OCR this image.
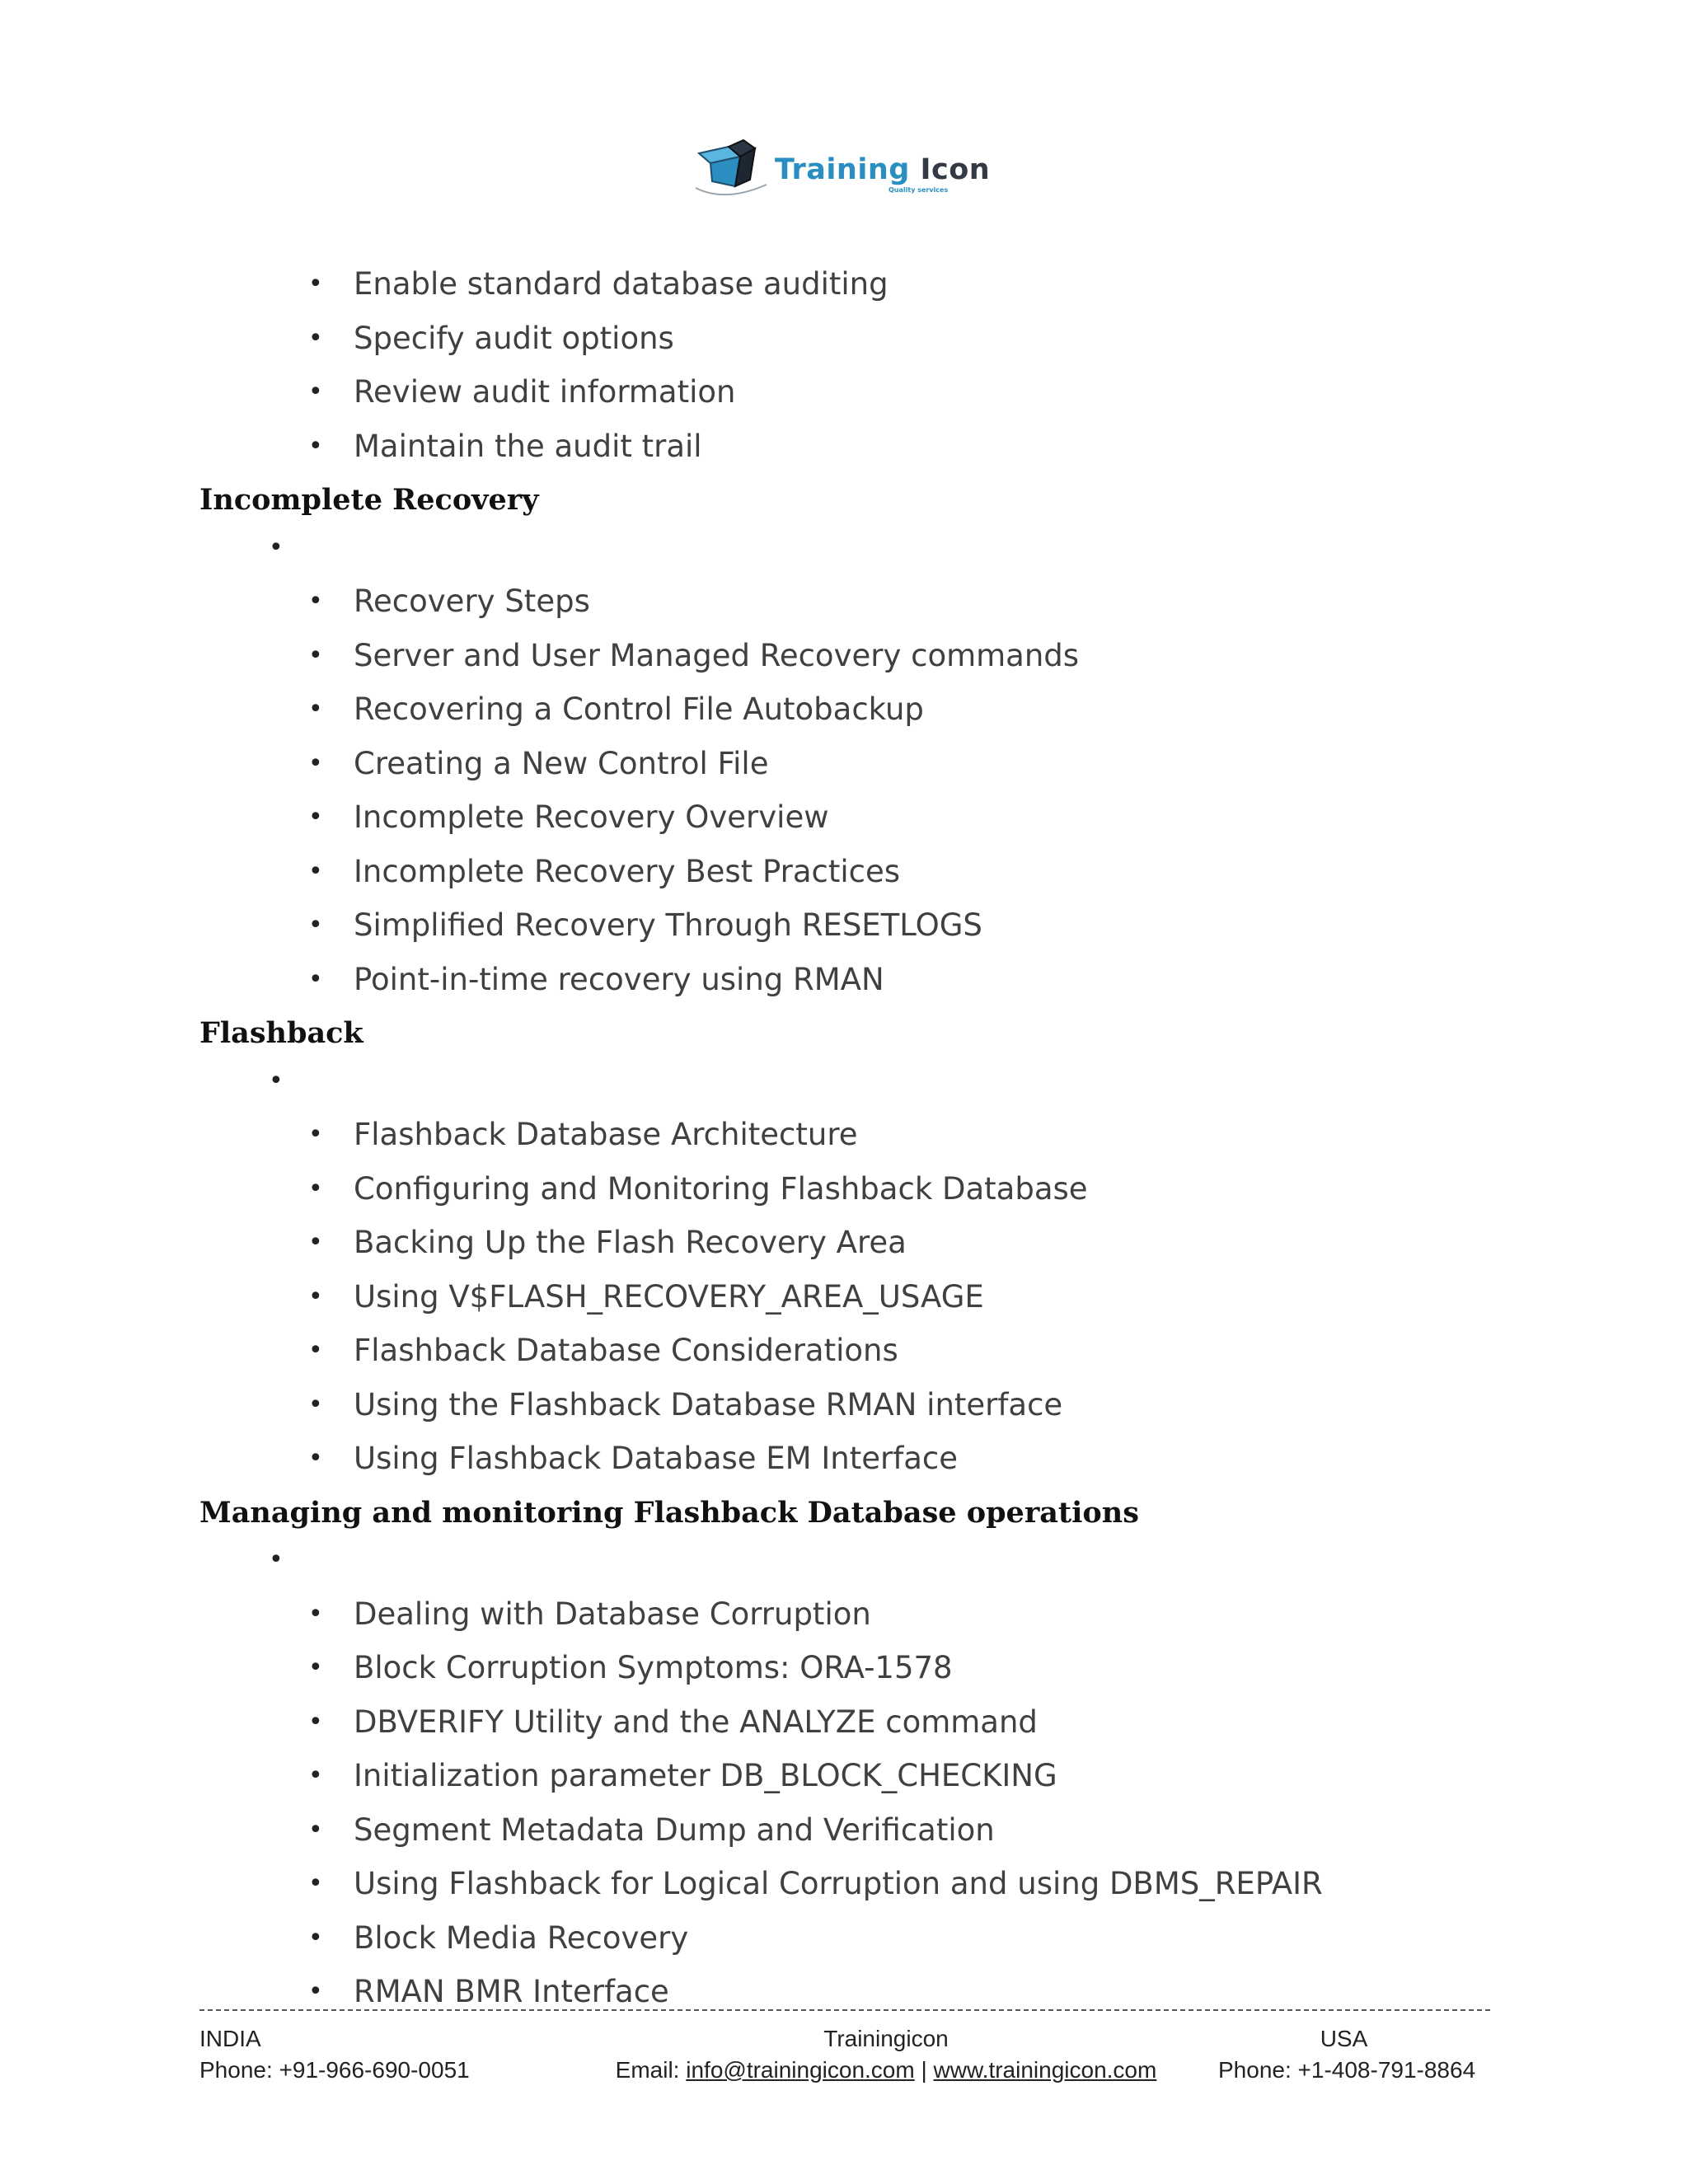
Training Icon
Quality services
• Enable standard database auditing
• Specify audit options
• Review audit information
• Maintain the audit trail
Incomplete Recovery
•
• Recovery Steps
• Server and User Managed Recovery commands
• Recovering a Control File Autobackup
• Creating a New Control File
• Incomplete Recovery Overview
• Incomplete Recovery Best Practices
• Simplified Recovery Through RESETLOGS
• Point-in-time recovery using RMAN
Flashback
•
• Flashback Database Architecture
• Configuring and Monitoring Flashback Database
• Backing Up the Flash Recovery Area
• Using V$FLASH_RECOVERY_AREA_USAGE
• Flashback Database Considerations
• Using the Flashback Database RMAN interface
• Using Flashback Database EM Interface
Managing and monitoring Flashback Database operations
•
• Dealing with Database Corruption
• Block Corruption Symptoms: ORA-1578
• DBVERIFY Utility and the ANALYZE command
• Initialization parameter DB_BLOCK_CHECKING
• Segment Metadata Dump and Verification
• Using Flashback for Logical Corruption and using DBMS_REPAIR
• Block Media Recovery
• RMAN BMR Interface
INDIA
Phone: +91-966-690-0051
Trainingicon
Email: info@trainingicon.com | www.trainingicon.com
USA
Phone: +1-408-791-8864
